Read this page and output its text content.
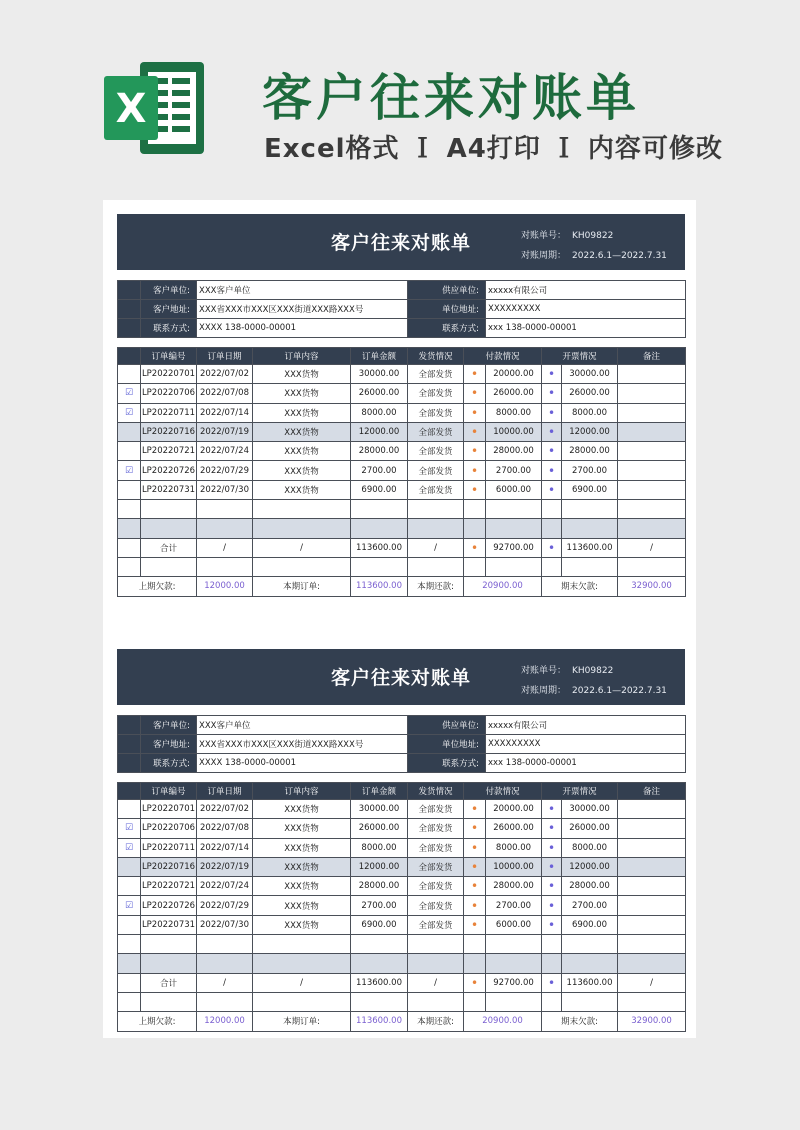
X 客户往来对账单
Excel格式 Ｉ A4打印 Ｉ 内容可修改
客户往来对账单	对账单号： KH09822
对账周期： 2022.6.1—2022.7.31
	客户单位:	XXX客户单位	供应单位:	xxxxx有限公司
	客户地址:	XXX省XXX市XXX区XXX街道XXX路XXX号	单位地址:	XXXXXXXXX
	联系方式:	XXXX 138-0000-00001	联系方式:	xxx 138-0000-00001
	订单编号	订单日期	订单内容	订单金额	发货情况	付款情况		开票情况		备注
	LP20220701	2022/07/02	XXX货物	30000.00	全部发货	•	20000.00	•	30000.00	
☑	LP20220706	2022/07/08	XXX货物	26000.00	全部发货	•	26000.00	•	26000.00	
☑	LP20220711	2022/07/14	XXX货物	8000.00	全部发货	•	8000.00	•	8000.00	
	LP20220716	2022/07/19	XXX货物	12000.00	全部发货	•	10000.00	•	12000.00	
	LP20220721	2022/07/24	XXX货物	28000.00	全部发货	•	28000.00	•	28000.00	
☑	LP20220726	2022/07/29	XXX货物	2700.00	全部发货	•	2700.00	•	2700.00	
	LP20220731	2022/07/30	XXX货物	6900.00	全部发货	•	6000.00	•	6900.00	

	合计	/	/	113600.00	/	•	92700.00	•	113600.00	/

上期欠款:		12000.00	本期订单:	113600.00	本期还款:	20900.00		期末欠款:		32900.00
客户往来对账单	对账单号： KH09822
对账周期： 2022.6.1—2022.7.31
	客户单位:	XXX客户单位	供应单位:	xxxxx有限公司
	客户地址:	XXX省XXX市XXX区XXX街道XXX路XXX号	单位地址:	XXXXXXXXX
	联系方式:	XXXX 138-0000-00001	联系方式:	xxx 138-0000-00001
	订单编号	订单日期	订单内容	订单金额	发货情况	付款情况		开票情况		备注
	LP20220701	2022/07/02	XXX货物	30000.00	全部发货	•	20000.00	•	30000.00	
☑	LP20220706	2022/07/08	XXX货物	26000.00	全部发货	•	26000.00	•	26000.00	
☑	LP20220711	2022/07/14	XXX货物	8000.00	全部发货	•	8000.00	•	8000.00	
	LP20220716	2022/07/19	XXX货物	12000.00	全部发货	•	10000.00	•	12000.00	
	LP20220721	2022/07/24	XXX货物	28000.00	全部发货	•	28000.00	•	28000.00	
☑	LP20220726	2022/07/29	XXX货物	2700.00	全部发货	•	2700.00	•	2700.00	
	LP20220731	2022/07/30	XXX货物	6900.00	全部发货	•	6000.00	•	6900.00	

	合计	/	/	113600.00	/	•	92700.00	•	113600.00	/

上期欠款:		12000.00	本期订单:	113600.00	本期还款:	20900.00		期末欠款:		32900.00
